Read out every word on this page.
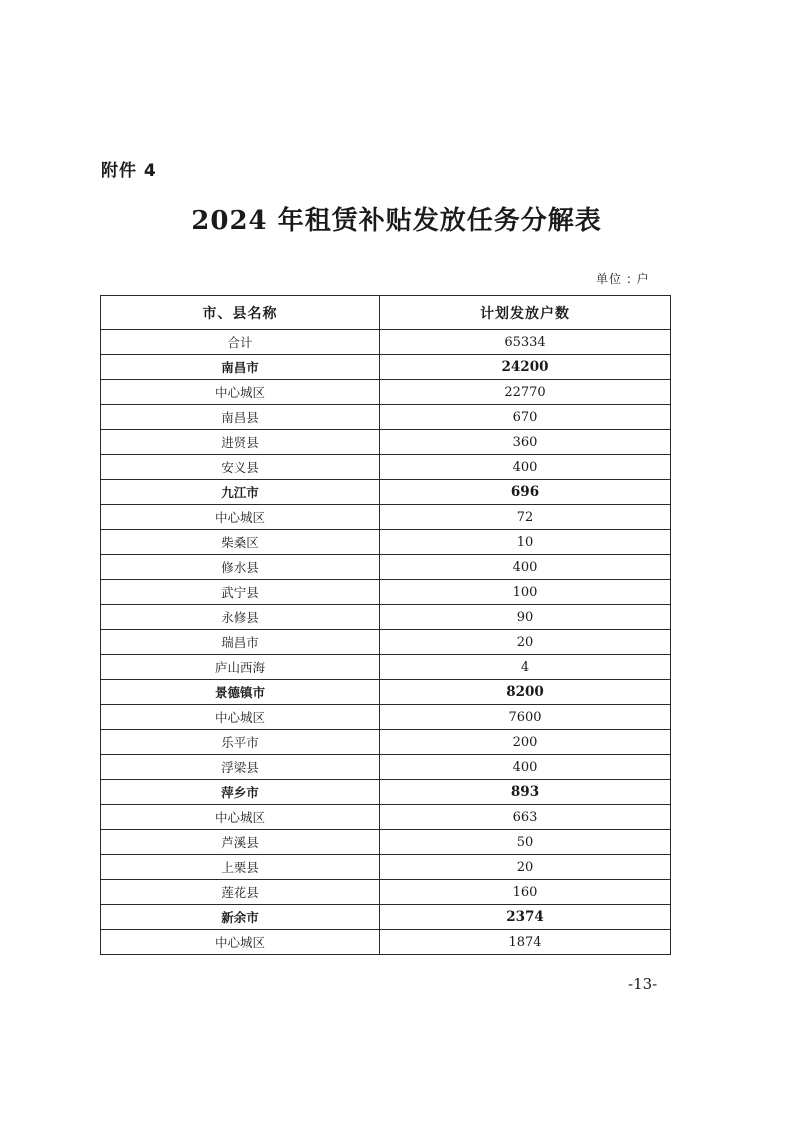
附件 4
2024 年租赁补贴发放任务分解表
单位 : 户
市、县名称	计划发放户数
合计	65334
南昌市	24200
中心城区	22770
南昌县	670
进贤县	360
安义县	400
九江市	696
中心城区	72
柴桑区	10
修水县	400
武宁县	100
永修县	90
瑞昌市	20
庐山西海	4
景德镇市	8200
中心城区	7600
乐平市	200
浮梁县	400
萍乡市	893
中心城区	663
芦溪县	50
上栗县	20
莲花县	160
新余市	2374
中心城区	1874
-13-
